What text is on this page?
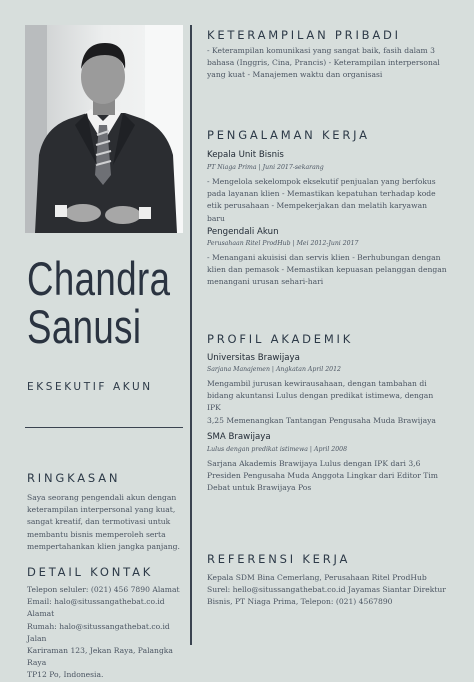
Chandra
Sanusi
EKSEKUTIF AKUN
RINGKASAN
Saya seorang pengendali akun dengan
keterampilan interpersonal yang kuat,
sangat kreatif, dan termotivasi untuk
membantu bisnis memperoleh serta
mempertahankan klien jangka panjang.
DETAIL KONTAK
Telepon seluler: (021) 456 7890 Alamat
Email: halo@situssangathebat.co.id Alamat
Rumah: halo@situssangathebat.co.id Jalan
Kariraman 123, Jekan Raya, Palangka Raya
TP12 Po, Indonesia.
KETERAMPILAN PRIBADI
- Keterampilan komunikasi yang sangat baik, fasih dalam 3
bahasa (Inggris, Cina, Prancis) - Keterampilan interpersonal
yang kuat - Manajemen waktu dan organisasi
PENGALAMAN KERJA
Kepala Unit Bisnis
PT Niaga Prima | Juni 2017-sekarang
- Mengelola sekelompok eksekutif penjualan yang berfokus
pada layanan klien - Memastikan kepatuhan terhadap kode
etik perusahaan - Mempekerjakan dan melatih karyawan baru
Pengendali Akun
Perusahaan Ritel ProdHub | Mei 2012-Juni 2017
- Menangani akuisisi dan servis klien - Berhubungan dengan
klien dan pemasok - Memastikan kepuasan pelanggan dengan
menangani urusan sehari-hari
PROFIL AKADEMIK
Universitas Brawijaya
Sarjana Manajemen | Angkatan April 2012
Mengambil jurusan kewirausahaan, dengan tambahan di
bidang akuntansi Lulus dengan predikat istimewa, dengan IPK
3,25 Memenangkan Tantangan Pengusaha Muda Brawijaya
SMA Brawijaya
Lulus dengan predikat istimewa | April 2008
Sarjana Akademis Brawijaya Lulus dengan IPK dari 3,6
Presiden Pengusaha Muda Anggota Lingkar dari Editor Tim
Debat untuk Brawijaya Pos
REFERENSI KERJA
Kepala SDM Bina Cemerlang, Perusahaan Ritel ProdHub
Surel: hello@situssangathebat.co.id Jayamas Siantar Direktur
Bisnis, PT Niaga Prima, Telepon: (021) 4567890
